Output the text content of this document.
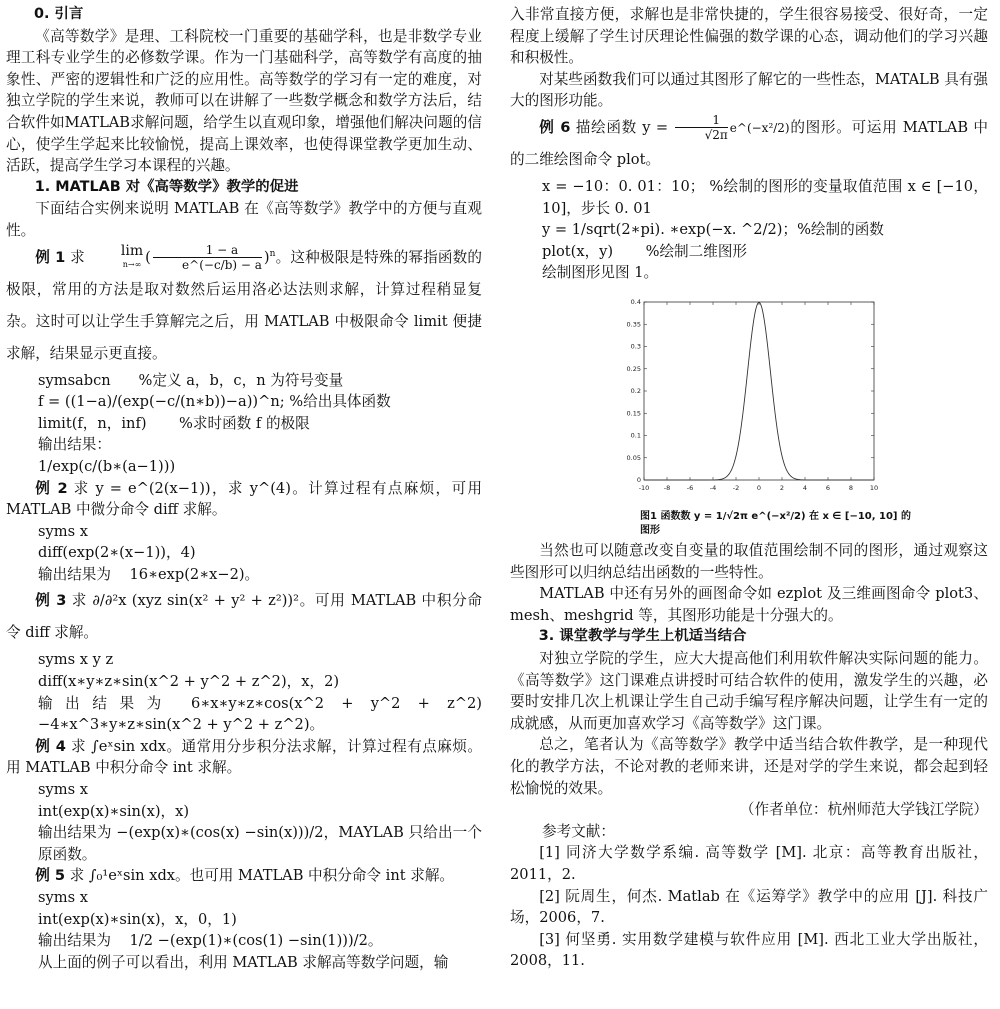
0. 引言

《高等数学》是理、工科院校一门重要的基础学科，也是非数学专业理工科专业学生的必修数学课。作为一门基础科学，高等数学有高度的抽象性、严密的逻辑性和广泛的应用性。高等数学的学习有一定的难度，对独立学院的学生来说，教师可以在讲解了一些数学概念和数学方法后，结合软件如MATLAB求解问题，给学生以直观印象，增强他们解决问题的信心，使学生学起来比较愉悦，提高上课效率，也使得课堂教学更加生动、活跃，提高学生学习本课程的兴趣。

1. MATLAB 对《高等数学》教学的促进

下面结合实例来说明 MATLAB 在《高等数学》教学中的方便与直观性。

例 1 求	lim
n→∞ ( $\frac{1 - a}{e\^{}(-c/b) - a} )^n$。这种极限是特殊的幂指函数的极限，常用的方法是取对数然后运用洛必达法则求解，计算过程稍显复杂。这时可以让学生手算解完之后，用 MATLAB 中极限命令 limit 便捷求解，结果显示更直接。

symsabcn      %定义 a，b，c，n 为符号变量

f = ((1−a)/(exp(−c/(n∗b))−a))^n; %给出具体函数

limit(f，n，inf)       %求时函数 f 的极限

输出结果：

1/exp(c/(b∗(a−1)))

例 2 求 y = e^(2(x−1))，求 y^(4)。计算过程有点麻烦，可用 MATLAB 中微分命令 diff 求解。

syms x

diff(exp(2∗(x−1))，4)

输出结果为    16∗exp(2∗x−2)。

例 3 求 ∂/∂²x (xyz sin(x² + y² + z²))²。可用 MATLAB 中积分命令 diff 求解。

syms x y z

diff(x∗y∗z∗sin(x^2 + y^2 + z^2)，x，2)

输出结果为 6∗x∗y∗z∗cos(x^2 + y^2 + z^2) −4∗x^3∗y∗z∗sin(x^2 + y^2 + z^2)。

例 4 求 ∫eˣsin xdx。通常用分步积分法求解，计算过程有点麻烦。用 MATLAB 中积分命令 int 求解。

syms x

int(exp(x)∗sin(x)，x)

输出结果为 −(exp(x)∗(cos(x) −sin(x)))/2，MAYLAB 只给出一个原函数。

例 5 求 ∫₀¹eˣsin xdx。也可用 MATLAB 中积分命令 int 求解。

syms x

int(exp(x)∗sin(x)，x，0，1)

输出结果为    1/2 −(exp(1)∗(cos(1) −sin(1)))/2。

从上面的例子可以看出，利用 MATLAB 求解高等数学问题，输

入非常直接方便，求解也是非常快捷的，学生很容易接受、很好奇，一定程度上缓解了学生讨厌理论性偏强的数学课的心态，调动他们的学习兴趣和积极性。

对某些函数我们可以通过其图形了解它的一些性态，MATALB 具有强大的图形功能。

例 6 描绘函数 $y = \frac{1}{√2\pi}$ e^(−x²/2)的图形。可运用 MATLAB 中的二维绘图命令 plot。

x = −10：0. 01：10； %绘制的图形的变量取值范围 x ∈ [−10，10]，步长 0. 01

y = 1/sqrt(2∗pi). ∗exp(−x. ^2/2)；%绘制的函数

plot(x，y)       %绘制二维图形

绘制图形见图 1。

-10 -8	-6	-4	-2	0	2	4	6	8	10
0
0.05
0.1
0.15
0.2
0.25
0.3
0.35
0.4
图1 函数数 y = 1/√2π e^(−x²/2) 在 x ∈ [−10, 10] 的图形

当然也可以随意改变自变量的取值范围绘制不同的图形，通过观察这些图形可以归纳总结出函数的一些特性。

MATLAB 中还有另外的画图命令如 ezplot 及三维画图命令 plot3、mesh、meshgrid 等，其图形功能是十分强大的。

3. 课堂教学与学生上机适当结合

对独立学院的学生，应大大提高他们利用软件解决实际问题的能力。《高等数学》这门课难点讲授时可结合软件的使用，激发学生的兴趣，必要时安排几次上机课让学生自己动手编写程序解决问题，让学生有一定的成就感，从而更加喜欢学习《高等数学》这门课。

总之，笔者认为《高等数学》教学中适当结合软件教学，是一种现代化的教学方法，不论对教的老师来讲，还是对学的学生来说，都会起到轻松愉悦的效果。

（作者单位：杭州师范大学钱江学院）

参考文献：

[1] 同济大学数学系编. 高等数学 [M]. 北京：高等教育出版社，2011，2.

[2] 阮周生，何杰. Matlab 在《运筹学》教学中的应用 [J]. 科技广场，2006，7.

[3] 何坚勇. 实用数学建模与软件应用 [M]. 西北工业大学出版社，2008，11.
